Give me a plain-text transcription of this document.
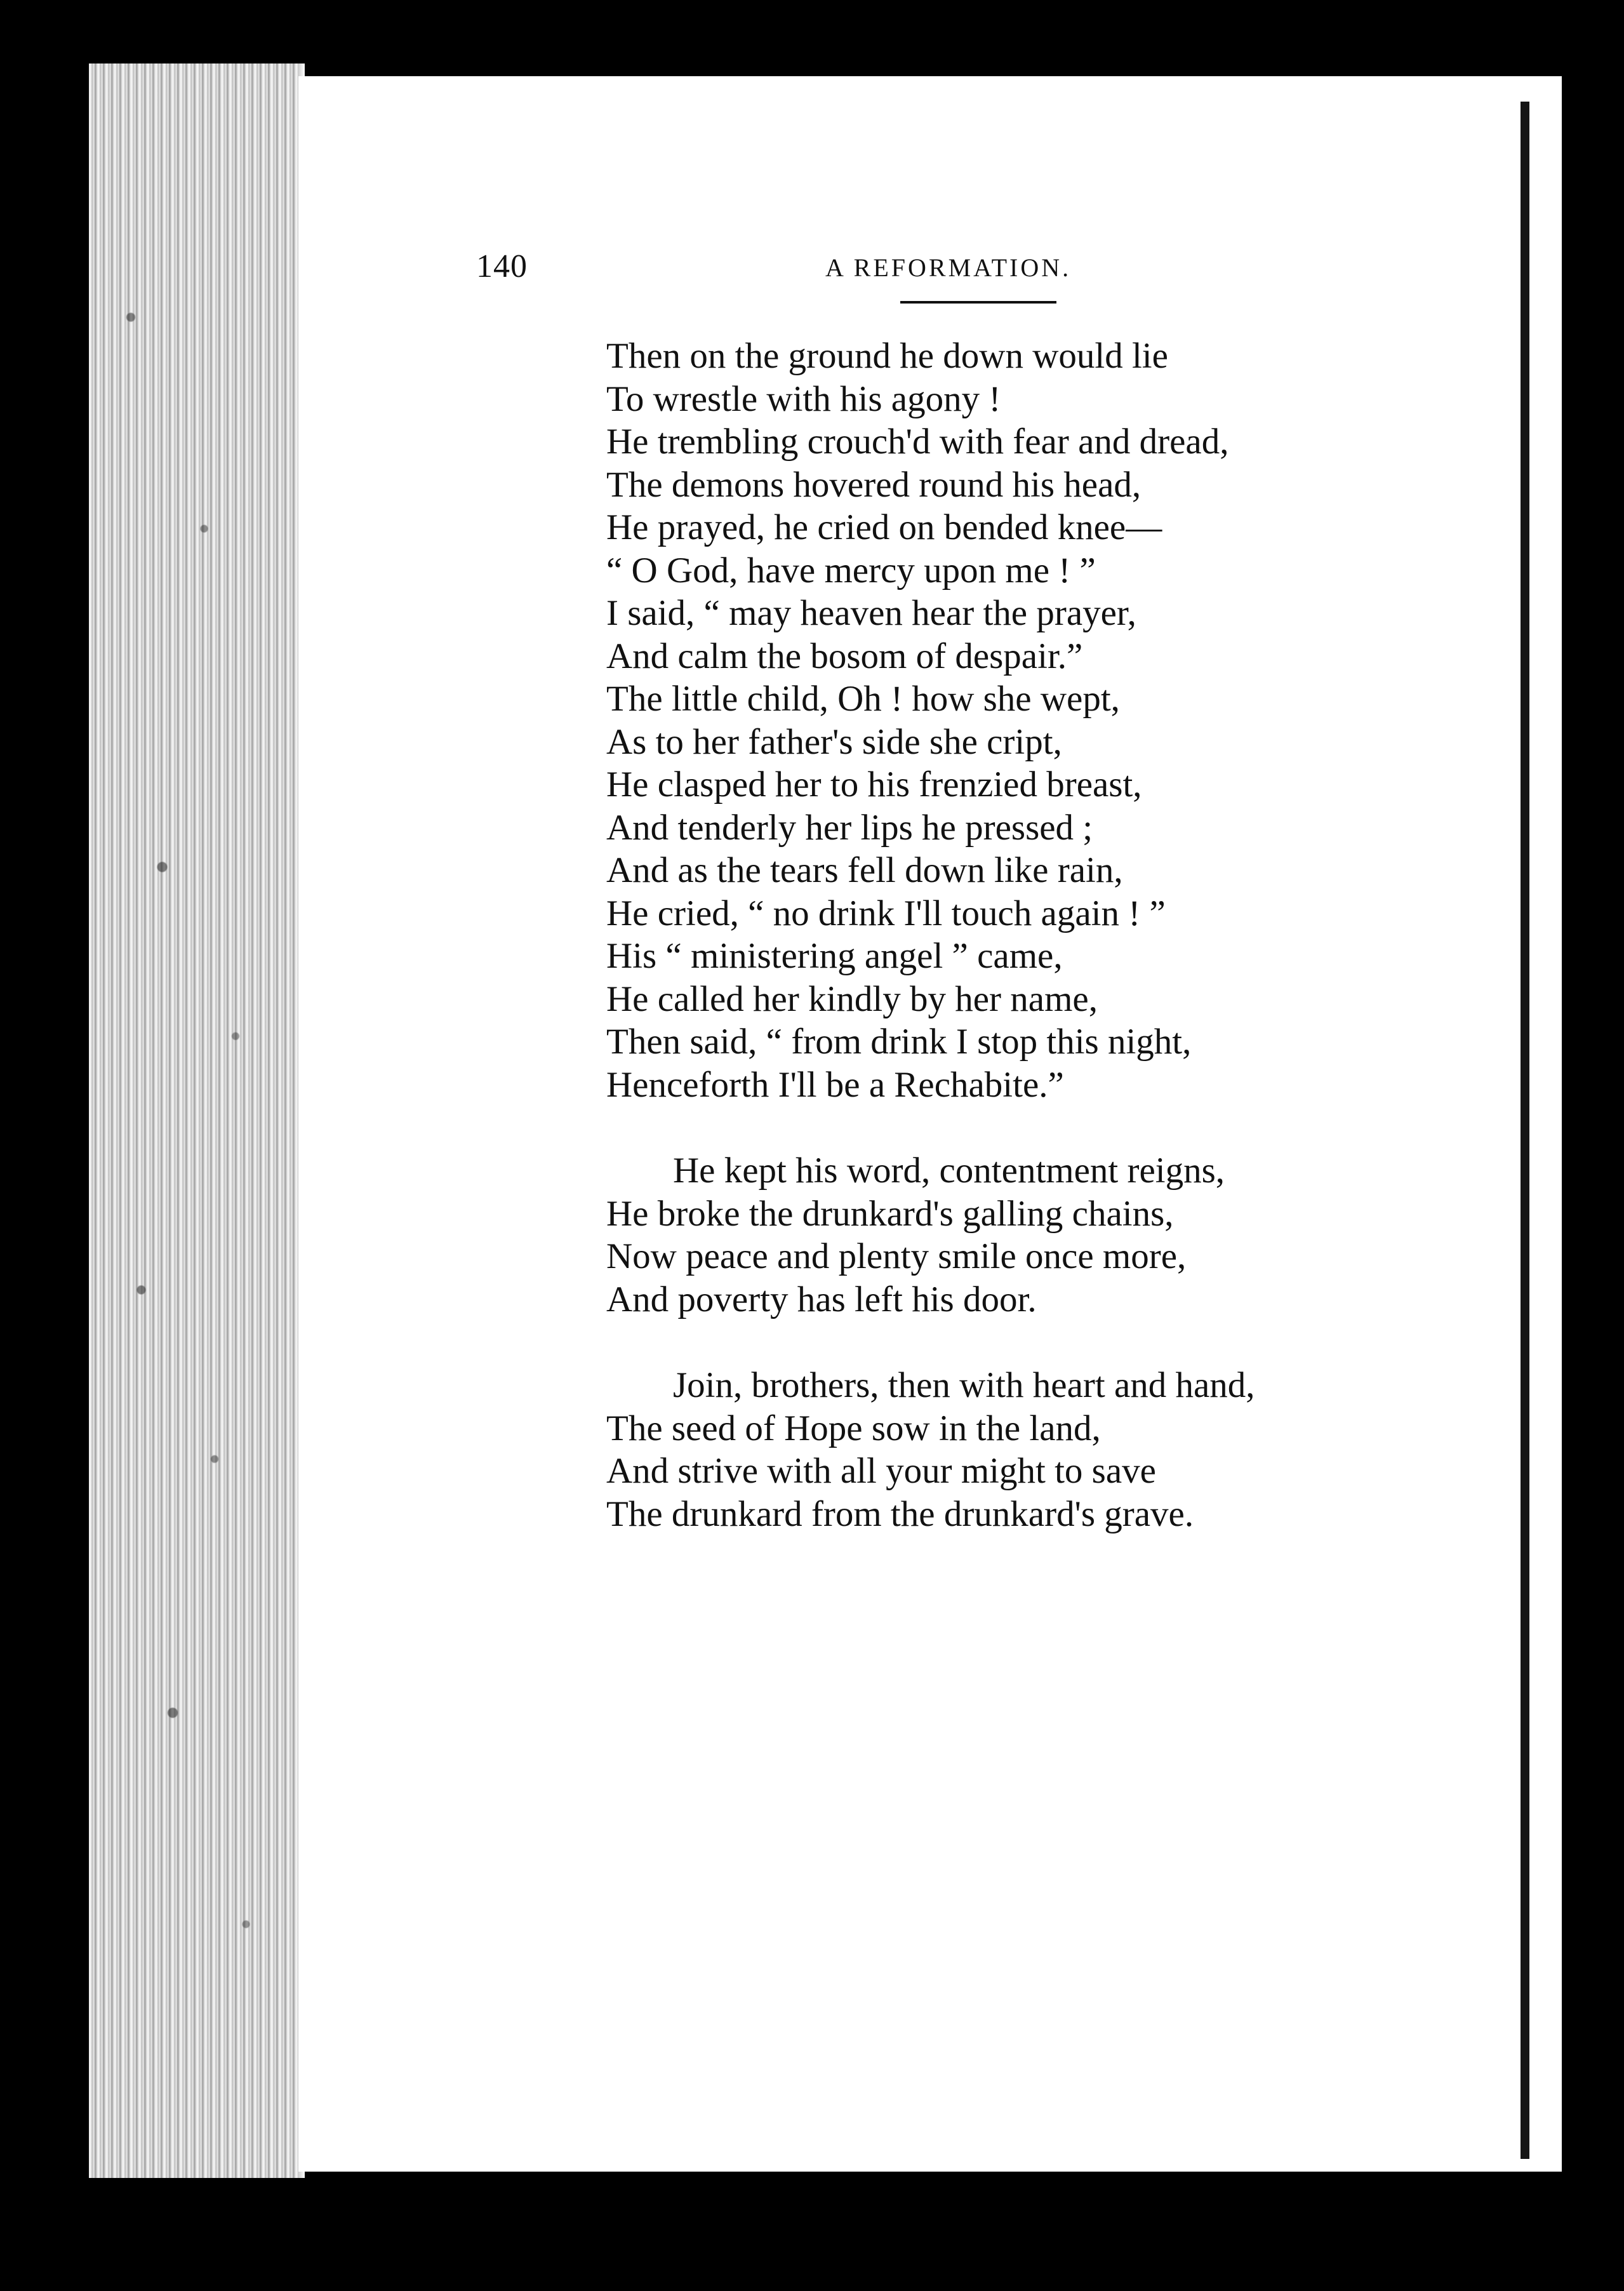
140	A REFORMATION.
Then on the ground he down would lie
To wrestle with his agony !
He trembling crouch'd with fear and dread,
The demons hovered round his head,
He prayed, he cried on bended knee—
“ O God, have mercy upon me ! ”
I said, “ may heaven hear the prayer,
And calm the bosom of despair.”
The little child, Oh ! how she wept,
As to her father's side she cript,
He clasped her to his frenzied breast,
And tenderly her lips he pressed ;
And as the tears fell down like rain,
He cried, “ no drink I'll touch again ! ”
His “ ministering angel ” came,
He called her kindly by her name,
Then said, “ from drink I stop this night,
Henceforth I'll be a Rechabite.”
He kept his word, contentment reigns,
He broke the drunkard's galling chains,
Now peace and plenty smile once more,
And poverty has left his door.
Join, brothers, then with heart and hand,
The seed of Hope sow in the land,
And strive with all your might to save
The drunkard from the drunkard's grave.
